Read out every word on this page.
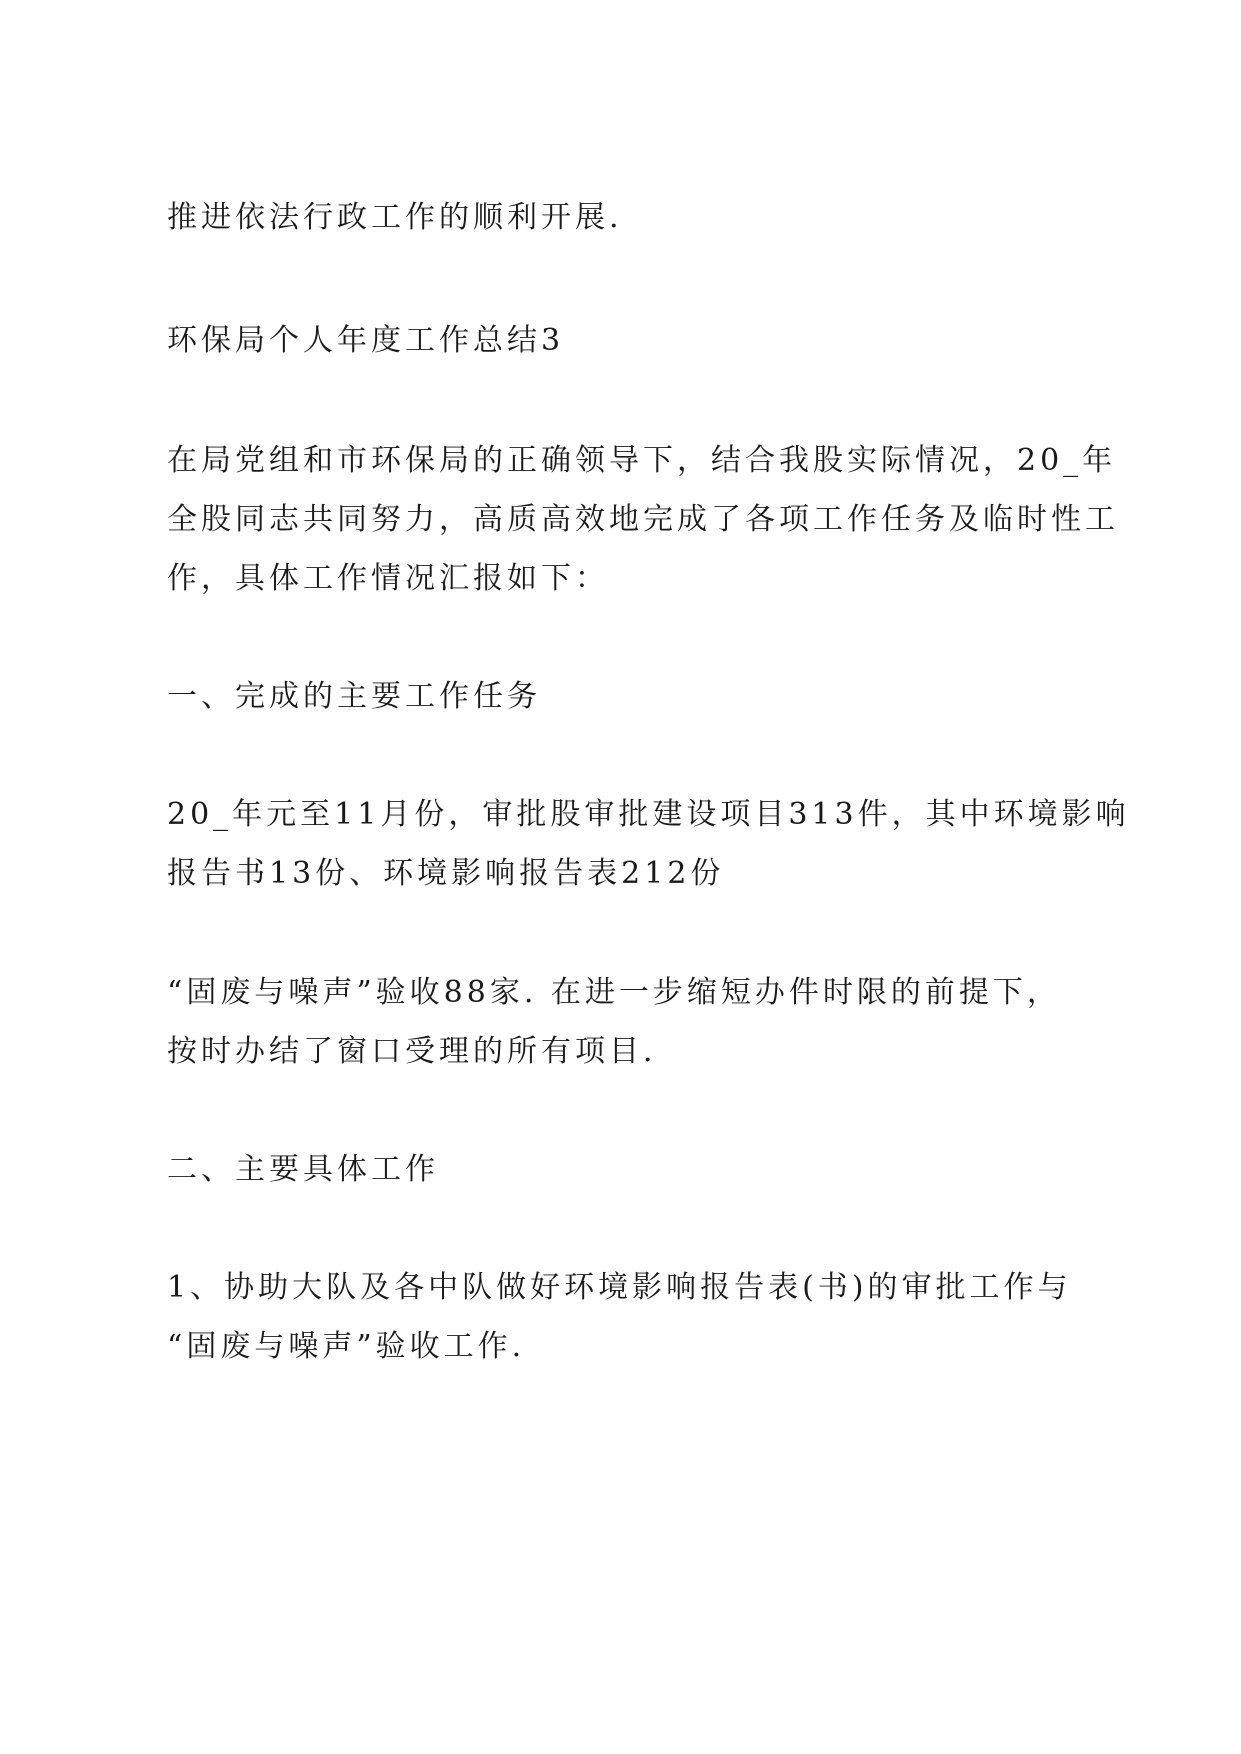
推进依法行政工作的顺利开展.

环保局个人年度工作总结3

在局党组和市环保局的正确领导下，结合我股实际情况，20_年

全股同志共同努力，高质高效地完成了各项工作任务及临时性工

作，具体工作情况汇报如下：

一、完成的主要工作任务

20_年元至11月份，审批股审批建设项目313件，其中环境影响

报告书13份、环境影响报告表212份

“固废与噪声”验收88家. 在进一步缩短办件时限的前提下，

按时办结了窗口受理的所有项目.

二、主要具体工作

1、协助大队及各中队做好环境影响报告表(书)的审批工作与

“固废与噪声”验收工作.
